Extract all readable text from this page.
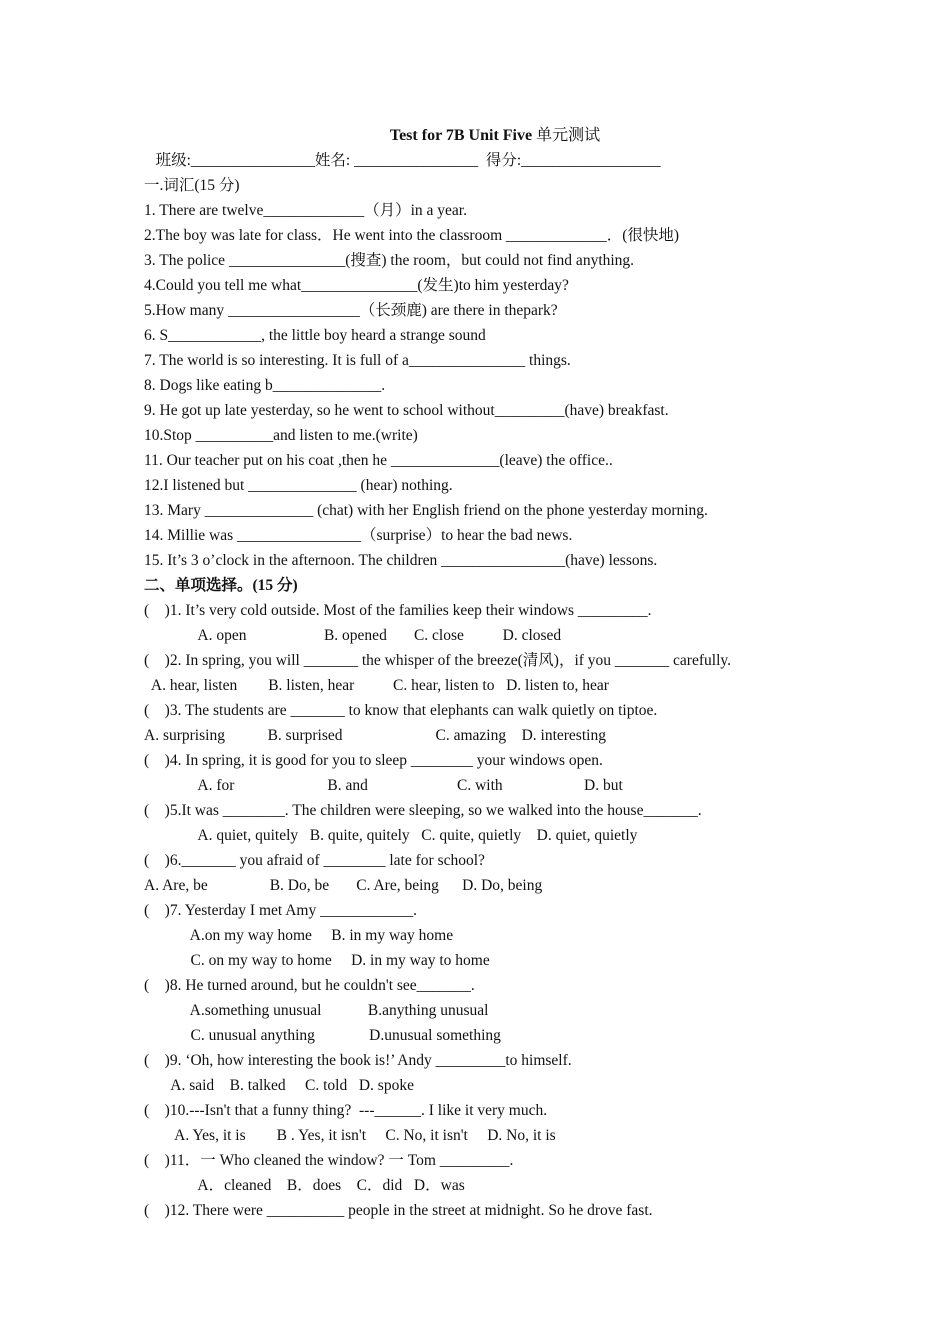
Test for 7B Unit Five 单元测试
班级:________________姓名: ________________  得分:__________________
一.词汇(15 分)
1. There are twelve_____________（月）in a year.
2.The boy was late for class．He went into the classroom _____________．(很快地)
3. The police _______________(搜查) the room，but could not find anything.
4.Could you tell me what_______________(发生)to him yesterday?
5.How many _________________（长颈鹿) are there in thepark?
6. S____________, the little boy heard a strange sound
7. The world is so interesting. It is full of a_______________ things.
8. Dogs like eating b______________.
9. He got up late yesterday, so he went to school without_________(have) breakfast.
10.Stop __________and listen to me.(write)
11. Our teacher put on his coat ,then he ______________(leave) the office..
12.I listened but ______________ (hear) nothing.
13. Mary ______________ (chat) with her English friend on the phone yesterday morning.
14. Millie was ________________（surprise）to hear the bad news.
15. It’s 3 o’clock in the afternoon. The children ________________(have) lessons.
二、单项选择。(15 分)
(    )1. It’s very cold outside. Most of the families keep their windows _________.
A. open                    B. opened       C. close          D. closed
(    )2. In spring, you will _______ the whisper of the breeze(清风)，if you _______ carefully.
A. hear, listen        B. listen, hear          C. hear, listen to   D. listen to, hear
(    )3. The students are _______ to know that elephants can walk quietly on tiptoe.
A. surprising           B. surprised                        C. amazing    D. interesting
(    )4. In spring, it is good for you to sleep ________ your windows open.
A. for                        B. and                       C. with                     D. but
(    )5.It was ________. The children were sleeping, so we walked into the house_______.
A. quiet, quitely   B. quite, quitely   C. quite, quietly    D. quiet, quietly
(    )6._______ you afraid of ________ late for school?
A. Are, be                B. Do, be       C. Are, being      D. Do, being
(    )7. Yesterday I met Amy ____________.
A.on my way home     B. in my way home
C. on my way to home     D. in my way to home
(    )8. He turned around, but he couldn't see_______.
A.something unusual            B.anything unusual
C. unusual anything              D.unusual something
(    )9. ‘Oh, how interesting the book is!’ Andy _________to himself.
A. said    B. talked     C. told   D. spoke
(    )10.---Isn't that a funny thing?  ---______. I like it very much.
A. Yes, it is        B . Yes, it isn't     C. No, it isn't     D. No, it is
(    )11．一 Who cleaned the window? 一 Tom _________.
A．cleaned    B．does    C．did   D．was
(    )12. There were __________ people in the street at midnight. So he drove fast.
